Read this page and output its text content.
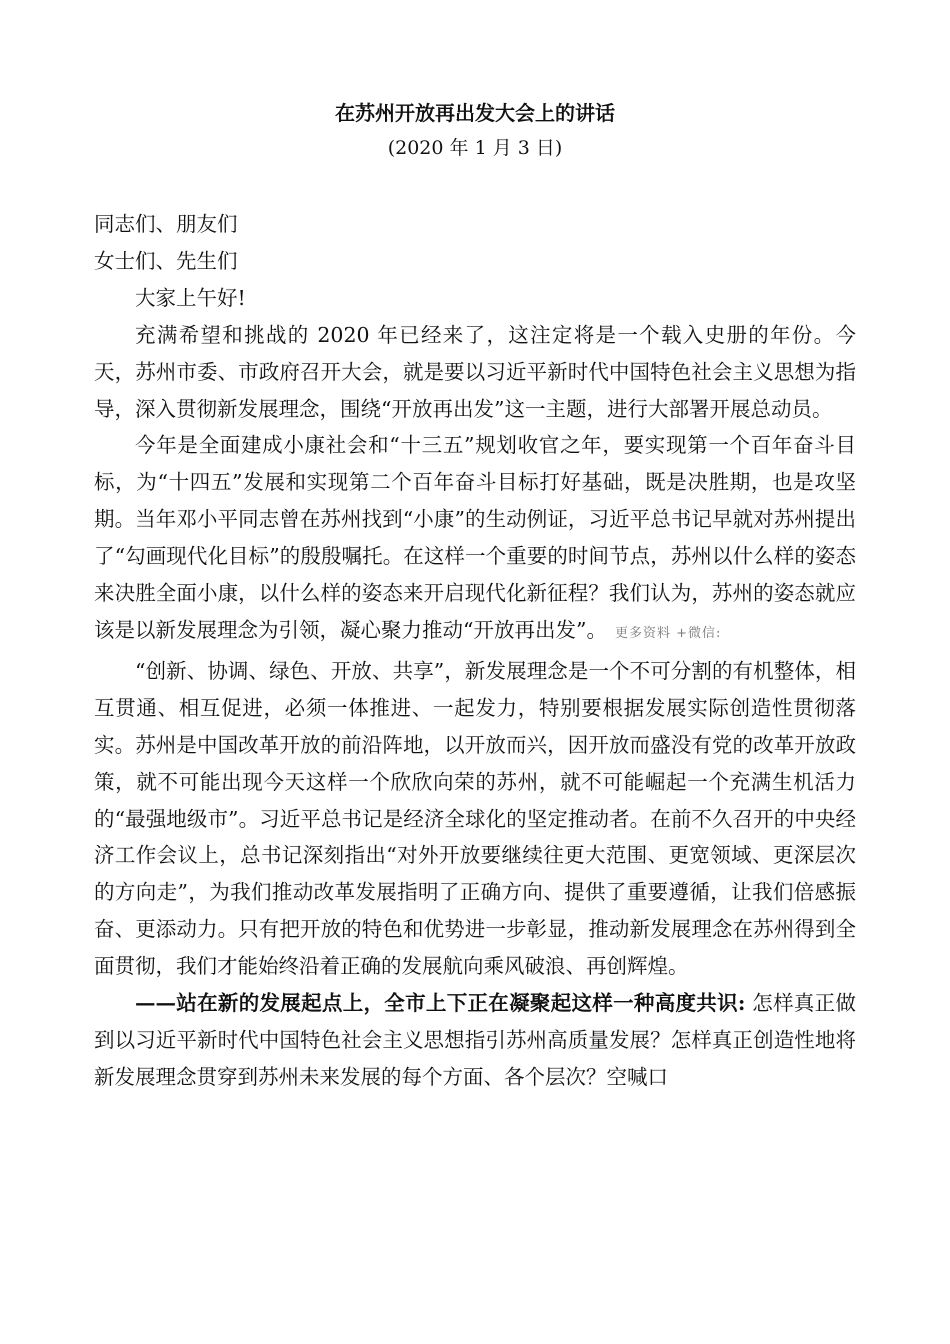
在苏州开放再出发大会上的讲话
(2020 年 1 月 3 日)

同志们、朋友们

女士们、先生们

大家上午好!

充满希望和挑战的 2020 年已经来了，这注定将是一个载入史册的年份。今天，苏州市委、市政府召开大会，就是要以习近平新时代中国特色社会主义思想为指导，深入贯彻新发展理念，围绕“开放再出发”这一主题，进行大部署开展总动员。

今年是全面建成小康社会和“十三五”规划收官之年，要实现第一个百年奋斗目标，为“十四五”发展和实现第二个百年奋斗目标打好基础，既是决胜期，也是攻坚期。当年邓小平同志曾在苏州找到“小康”的生动例证，习近平总书记早就对苏州提出了“勾画现代化目标”的殷殷嘱托。在这样一个重要的时间节点，苏州以什么样的姿态来决胜全面小康，以什么样的姿态来开启现代化新征程？我们认为，苏州的姿态就应该是以新发展理念为引领，凝心聚力推动“开放再出发”。 更多资料 +微信:

“创新、协调、绿色、开放、共享”，新发展理念是一个不可分割的有机整体，相互贯通、相互促进，必须一体推进、一起发力，特别要根据发展实际创造性贯彻落实。苏州是中国改革开放的前沿阵地，以开放而兴，因开放而盛没有党的改革开放政策，就不可能出现今天这样一个欣欣向荣的苏州，就不可能崛起一个充满生机活力的“最强地级市”。习近平总书记是经济全球化的坚定推动者。在前不久召开的中央经济工作会议上，总书记深刻指出“对外开放要继续往更大范围、更宽领域、更深层次的方向走”，为我们推动改革发展指明了正确方向、提供了重要遵循，让我们倍感振奋、更添动力。只有把开放的特色和优势进一步彰显，推动新发展理念在苏州得到全面贯彻，我们才能始终沿着正确的发展航向乘风破浪、再创辉煌。

——站在新的发展起点上，全市上下正在凝聚起这样一种高度共识: 怎样真正做到以习近平新时代中国特色社会主义思想指引苏州高质量发展？怎样真正创造性地将新发展理念贯穿到苏州未来发展的每个方面、各个层次？空喊口
